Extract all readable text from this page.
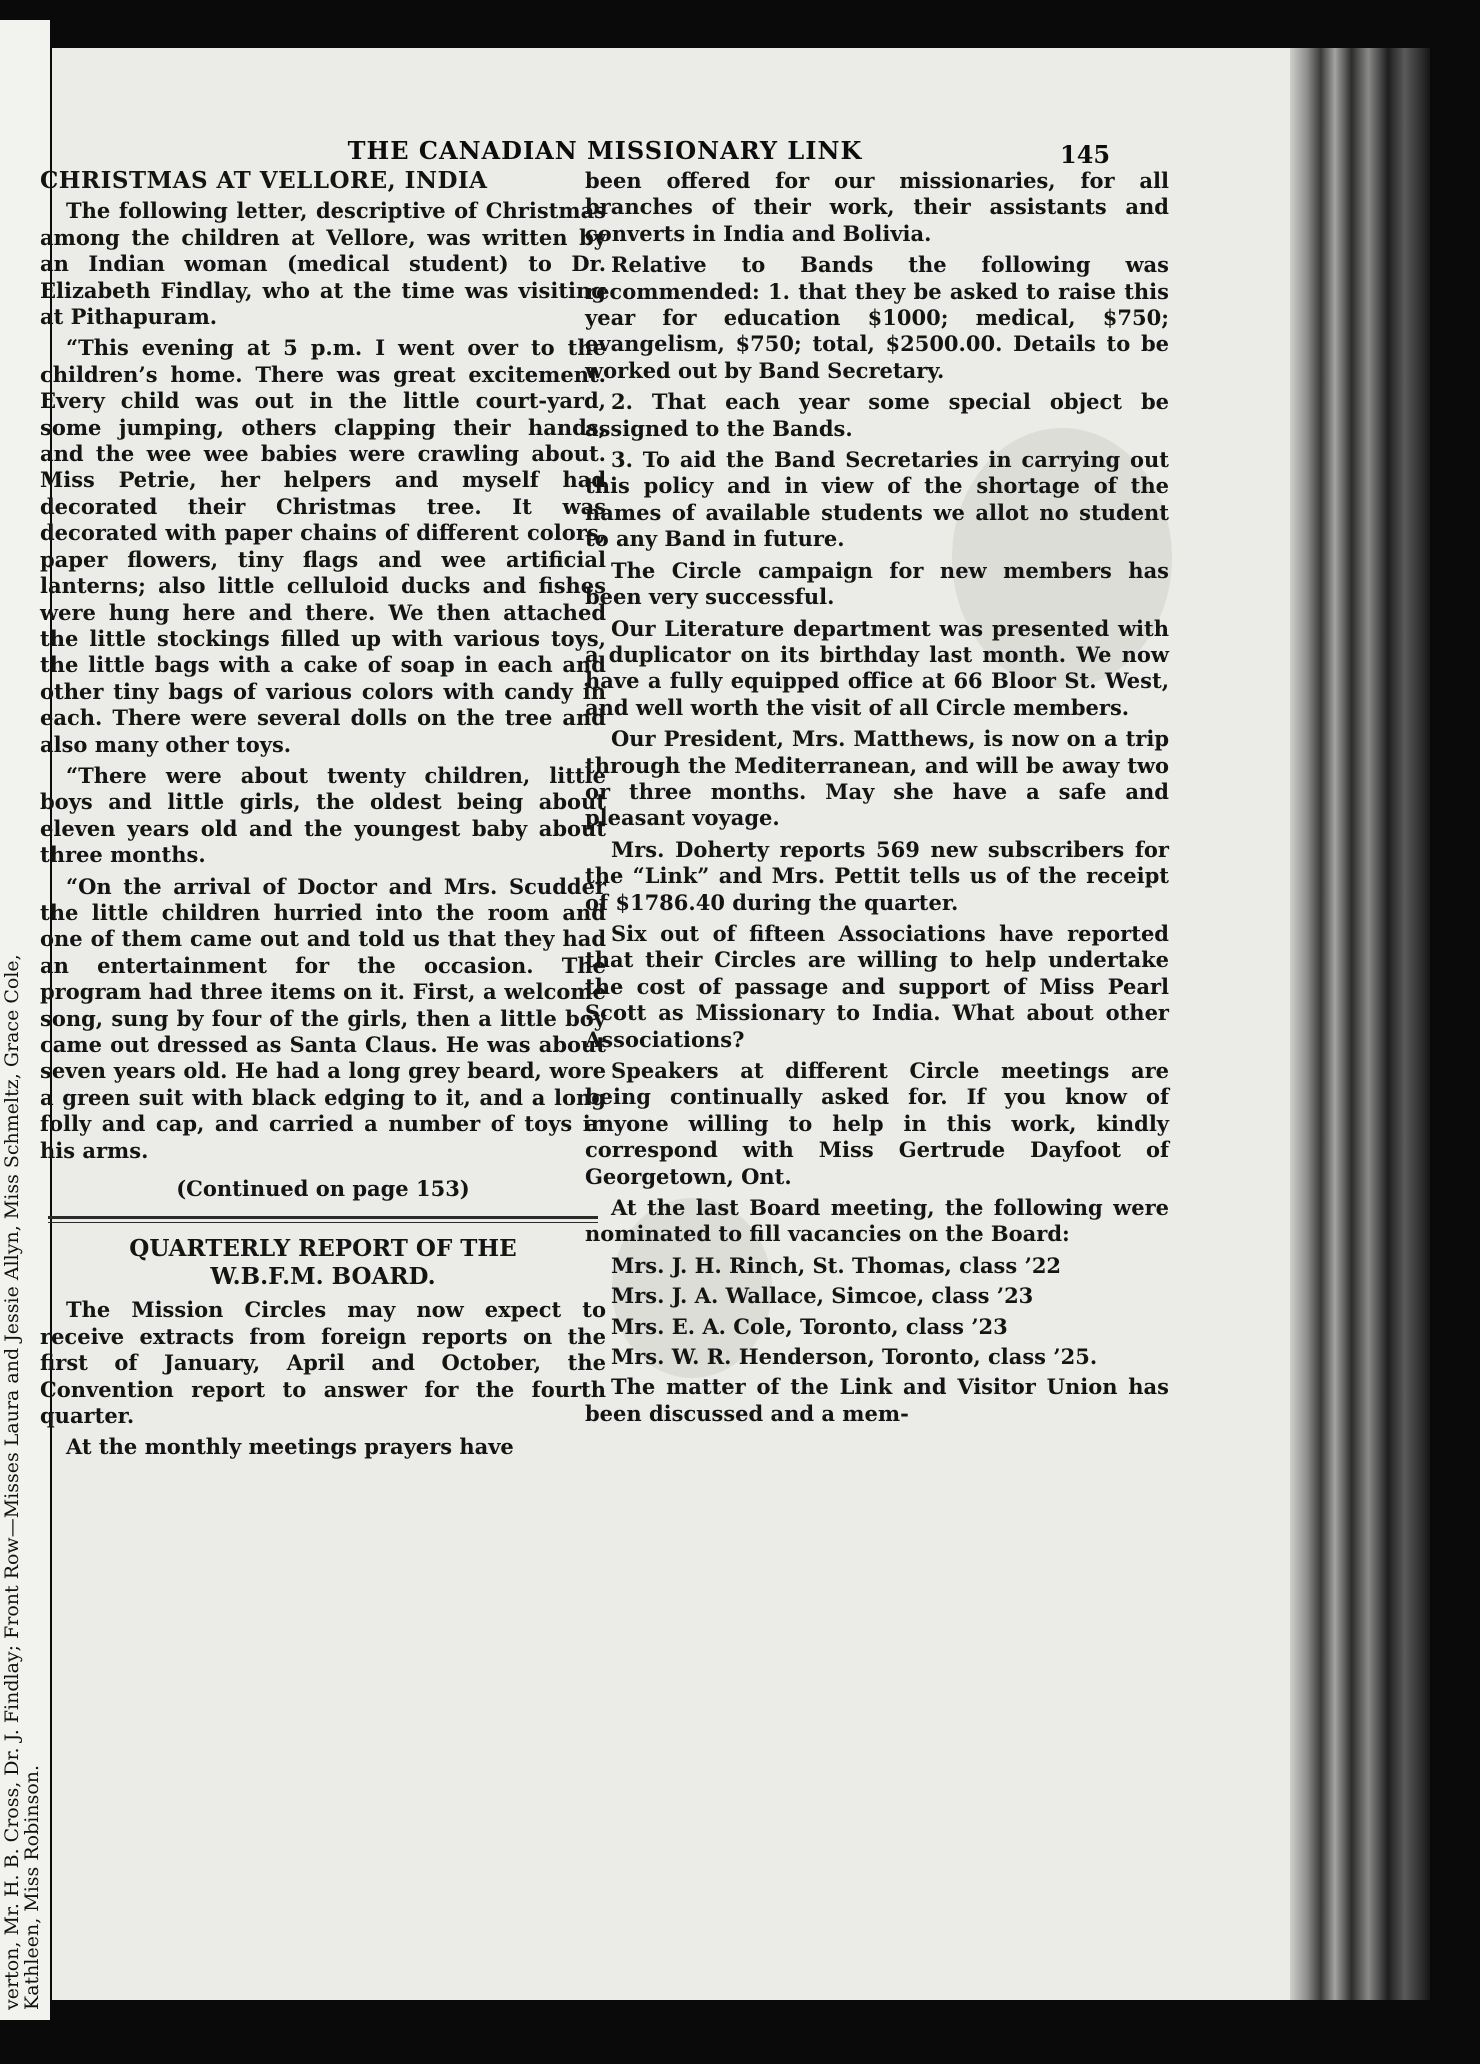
verton, Mr. H. B. Cross, Dr. J. Findlay; Front Row—Misses Laura and Jessie Allyn, Miss Schmeltz, Grace Cole,
Kathleen, Miss Robinson.
THE CANADIAN MISSIONARY LINK	145
CHRISTMAS AT VELLORE, INDIA

The following letter, descriptive of Christmas among the children at Vellore, was written by an Indian woman (medical student) to Dr. Elizabeth Findlay, who at the time was visiting at Pithapuram.

“This evening at 5 p.m. I went over to the children’s home. There was great excitement. Every child was out in the little court-yard, some jumping, others clapping their hands, and the wee wee babies were crawling about. Miss Petrie, her helpers and myself had decorated their Christmas tree. It was decorated with paper chains of different colors, paper flowers, tiny flags and wee artificial lanterns; also little celluloid ducks and fishes were hung here and there. We then attached the little stockings filled up with various toys, the little bags with a cake of soap in each and other tiny bags of various colors with candy in each. There were several dolls on the tree and also many other toys.

“There were about twenty children, little boys and little girls, the oldest being about eleven years old and the youngest baby about three months.

“On the arrival of Doctor and Mrs. Scudder the little children hurried into the room and one of them came out and told us that they had an entertainment for the occasion. The program had three items on it. First, a welcome song, sung by four of the girls, then a little boy came out dressed as Santa Claus. He was about seven years old. He had a long grey beard, wore a green suit with black edging to it, and a long folly and cap, and carried a number of toys in his arms.

(Continued on page 153)

QUARTERLY REPORT OF THE
W.B.F.M. BOARD.

The Mission Circles may now expect to receive extracts from foreign reports on the first of January, April and October, the Convention report to answer for the fourth quarter.

At the monthly meetings prayers have

been offered for our missionaries, for all branches of their work, their assistants and converts in India and Bolivia.

Relative to Bands the following was recommended: 1. that they be asked to raise this year for education $1000; medical, $750; evangelism, $750; total, $2500.00. Details to be worked out by Band Secretary.

2. That each year some special object be assigned to the Bands.

3. To aid the Band Secretaries in carrying out this policy and in view of the shortage of the names of available students we allot no student to any Band in future.

The Circle campaign for new members has been very successful.

Our Literature department was presented with a duplicator on its birthday last month. We now have a fully equipped office at 66 Bloor St. West, and well worth the visit of all Circle members.

Our President, Mrs. Matthews, is now on a trip through the Mediterranean, and will be away two or three months. May she have a safe and pleasant voyage.

Mrs. Doherty reports 569 new subscribers for the “Link” and Mrs. Pettit tells us of the receipt of $1786.40 during the quarter.

Six out of fifteen Associations have reported that their Circles are willing to help undertake the cost of passage and support of Miss Pearl Scott as Missionary to India. What about other Associations?

Speakers at different Circle meetings are being continually asked for. If you know of anyone willing to help in this work, kindly correspond with Miss Gertrude Dayfoot of Georgetown, Ont.

At the last Board meeting, the following were nominated to fill vacancies on the Board:

Mrs. J. H. Rinch, St. Thomas, class ’22

Mrs. J. A. Wallace, Simcoe, class ’23

Mrs. E. A. Cole, Toronto, class ’23

Mrs. W. R. Henderson, Toronto, class ’25.

The matter of the Link and Visitor Union has been discussed and a mem-
